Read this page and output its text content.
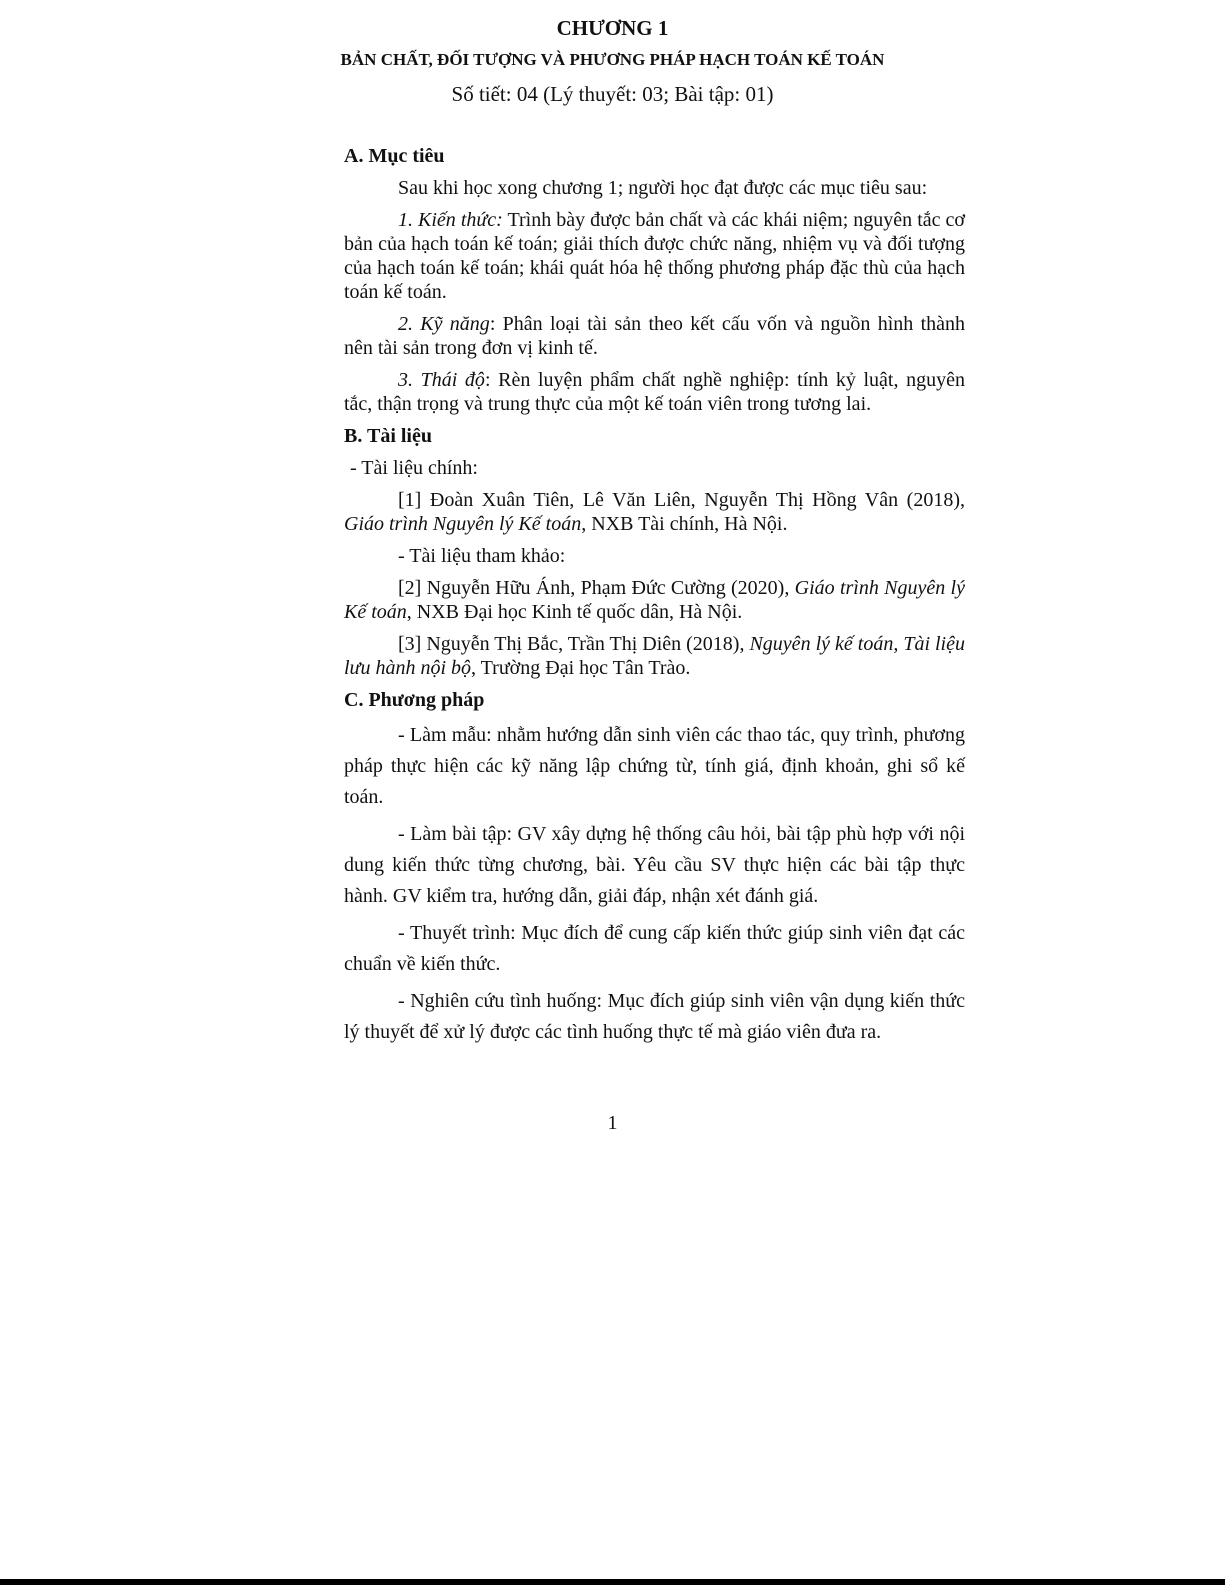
CHƯƠNG 1
BẢN CHẤT, ĐỐI TƯỢNG VÀ PHƯƠNG PHÁP HẠCH TOÁN KẾ TOÁN
Số tiết: 04 (Lý thuyết: 03; Bài tập: 01)
A. Mục tiêu

Sau khi học xong chương 1; người học đạt được các mục tiêu sau:

1. Kiến thức: Trình bày được bản chất và các khái niệm; nguyên tắc cơ bản của hạch toán kế toán; giải thích được chức năng, nhiệm vụ và đối tượng của hạch toán kế toán; khái quát hóa hệ thống phương pháp đặc thù của hạch toán kế toán.

2. Kỹ năng: Phân loại tài sản theo kết cấu vốn và nguồn hình thành nên tài sản trong đơn vị kinh tế.

3. Thái độ: Rèn luyện phẩm chất nghề nghiệp: tính kỷ luật, nguyên tắc, thận trọng và trung thực của một kế toán viên trong tương lai.

B. Tài liệu

- Tài liệu chính:

[1] Đoàn Xuân Tiên, Lê Văn Liên, Nguyễn Thị Hồng Vân (2018), Giáo trình Nguyên lý Kế toán, NXB Tài chính, Hà Nội.

- Tài liệu tham khảo:

[2] Nguyễn Hữu Ánh, Phạm Đức Cường (2020), Giáo trình Nguyên lý Kế toán, NXB Đại học Kinh tế quốc dân, Hà Nội.

[3] Nguyễn Thị Bắc, Trần Thị Diên (2018), Nguyên lý kế toán, Tài liệu lưu hành nội bộ, Trường Đại học Tân Trào.

C. Phương pháp

- Làm mẫu: nhằm hướng dẫn sinh viên các thao tác, quy trình, phương pháp thực hiện các kỹ năng lập chứng từ, tính giá, định khoản, ghi sổ kế toán.

- Làm bài tập: GV xây dựng hệ thống câu hỏi, bài tập phù hợp với nội dung kiến thức từng chương, bài. Yêu cầu SV thực hiện các bài tập thực hành. GV kiểm tra, hướng dẫn, giải đáp, nhận xét đánh giá.

- Thuyết trình: Mục đích để cung cấp kiến thức giúp sinh viên đạt các chuẩn về kiến thức.

- Nghiên cứu tình huống: Mục đích giúp sinh viên vận dụng kiến thức lý thuyết để xử lý được các tình huống thực tế mà giáo viên đưa ra.

1
